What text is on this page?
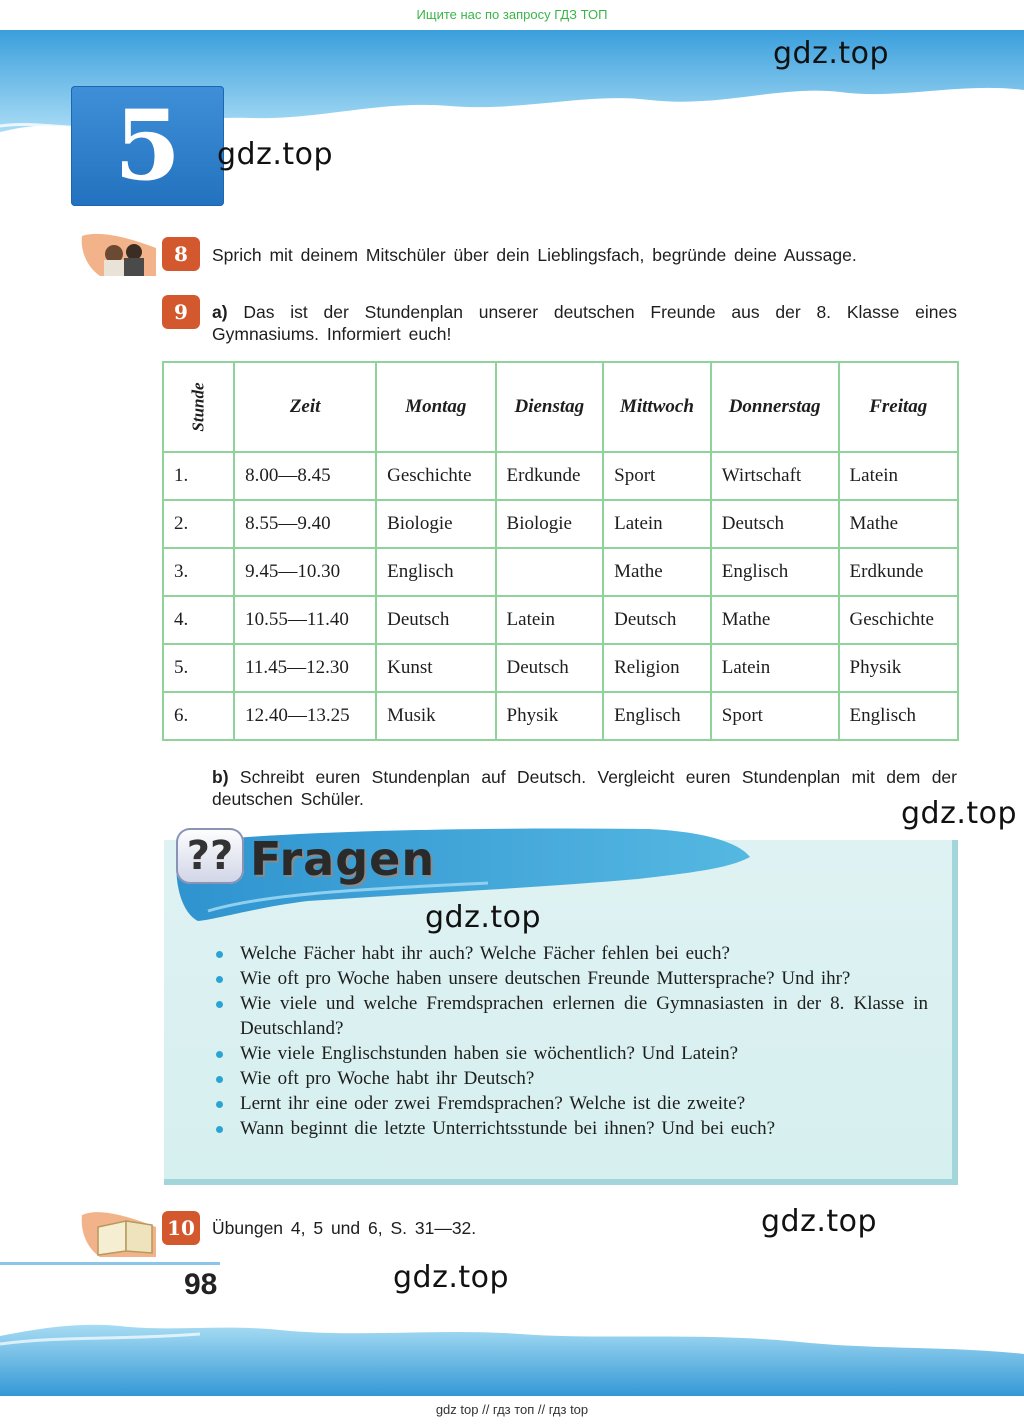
Ищите нас по запросу ГДЗ ТОП
gdz.top
5	gdz.top
8	Sprich mit deinem Mitschüler über dein Lieblingsfach, begründe deine Aussage.
9	a) Das ist der Stundenplan unserer deutschen Freunde aus der 8. Klasse eines Gymnasiums. Informiert euch!
Stunde	Zeit	Montag	Dienstag	Mittwoch	Donnerstag	Freitag
1.	8.00—8.45	Geschichte	Erdkunde	Sport	Wirtschaft	Latein
2.	8.55—9.40	Biologie	Biologie	Latein	Deutsch	Mathe
3.	9.45—10.30	Englisch		Mathe	Englisch	Erdkunde
4.	10.55—11.40	Deutsch	Latein	Deutsch	Mathe	Geschichte
5.	11.45—12.30	Kunst	Deutsch	Religion	Latein	Physik
6.	12.40—13.25	Musik	Physik	Englisch	Sport	Englisch
b) Schreibt euren Stundenplan auf Deutsch. Vergleicht euren Stundenplan mit dem der deutschen Schüler.	gdz.top
?? Fragen
gdz.top
Welche Fächer habt ihr auch? Welche Fächer fehlen bei euch?
Wie oft pro Woche haben unsere deutschen Freunde Muttersprache? Und ihr?
Wie viele und welche Fremdsprachen erlernen die Gymnasiasten in der 8. Klasse in Deutschland?
Wie viele Englischstunden haben sie wöchentlich? Und Latein?
Wie oft pro Woche habt ihr Deutsch?
Lernt ihr eine oder zwei Fremdsprachen? Welche ist die zweite?
Wann beginnt die letzte Unterrichtsstunde bei ihnen? Und bei euch?
10 Übungen 4, 5 und 6, S. 31—32.	gdz.top
98	gdz.top
gdz top // гдз топ // гдз top
